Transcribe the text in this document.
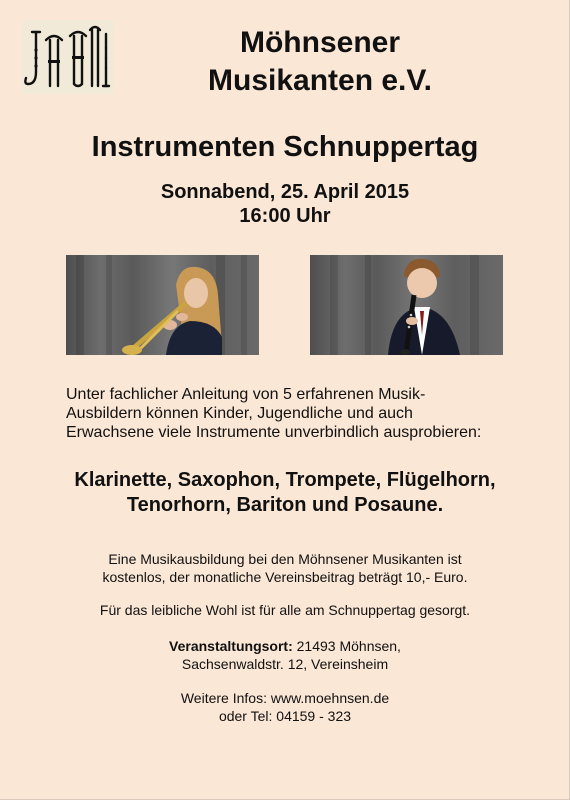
Möhnsener
Musikanten e.V.
Instrumenten Schnuppertag
Sonnabend, 25. April 2015
16:00 Uhr
Unter fachlicher Anleitung von 5 erfahrenen Musik-
Ausbildern können Kinder, Jugendliche und auch
Erwachsene viele Instrumente unverbindlich ausprobieren:
Klarinette, Saxophon, Trompete, Flügelhorn,
Tenorhorn, Bariton und Posaune.
Eine Musikausbildung bei den Möhnsener Musikanten ist
kostenlos, der monatliche Vereinsbeitrag beträgt 10,- Euro.
Für das leibliche Wohl ist für alle am Schnuppertag gesorgt.
Veranstaltungsort: 21493 Möhnsen,
Sachsenwaldstr. 12, Vereinsheim
Weitere Infos: www.moehnsen.de
oder Tel: 04159 - 323
